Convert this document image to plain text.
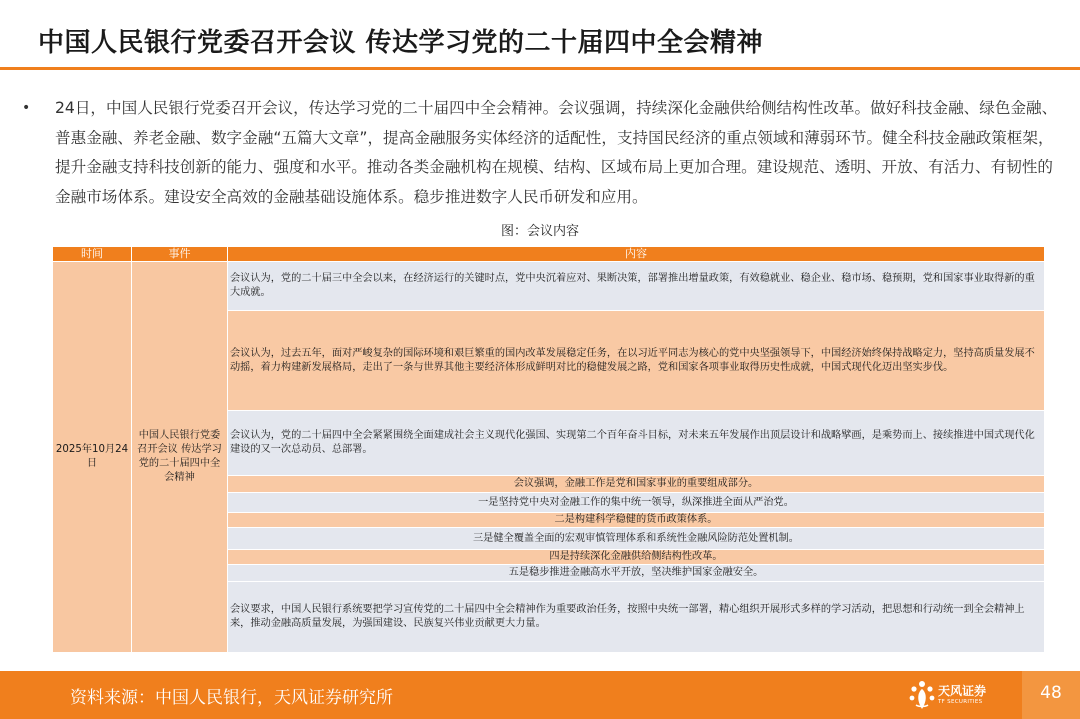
中国人民银行党委召开会议 传达学习党的二十届四中全会精神
• 24日，中国人民银行党委召开会议，传达学习党的二十届四中全会精神。会议强调，持续深化金融供给侧结构性改革。做好科技金融、绿色金融、普惠金融、养老金融、数字金融“五篇大文章”，提高金融服务实体经济的适配性，支持国民经济的重点领域和薄弱环节。健全科技金融政策框架，提升金融支持科技创新的能力、强度和水平。推动各类金融机构在规模、结构、区域布局上更加合理。建设规范、透明、开放、有活力、有韧性的金融市场体系。建设安全高效的金融基础设施体系。稳步推进数字人民币研发和应用。
图：会议内容
时间	事件	内容
2025年10月24日	中国人民银行党委召开会议 传达学习党的二十届四中全会精神	会议认为，党的二十届三中全会以来，在经济运行的关键时点，党中央沉着应对、果断决策，部署推出增量政策，有效稳就业、稳企业、稳市场、稳预期，党和国家事业取得新的重大成就。
		会议认为，过去五年，面对严峻复杂的国际环境和艰巨繁重的国内改革发展稳定任务，在以习近平同志为核心的党中央坚强领导下，中国经济始终保持战略定力，坚持高质量发展不动摇，着力构建新发展格局，走出了一条与世界其他主要经济体形成鲜明对比的稳健发展之路，党和国家各项事业取得历史性成就，中国式现代化迈出坚实步伐。
		会议认为，党的二十届四中全会紧紧围绕全面建成社会主义现代化强国、实现第二个百年奋斗目标，对未来五年发展作出顶层设计和战略擘画，是乘势而上、接续推进中国式现代化建设的又一次总动员、总部署。
		会议强调，金融工作是党和国家事业的重要组成部分。
		一是坚持党中央对金融工作的集中统一领导，纵深推进全面从严治党。
		二是构建科学稳健的货币政策体系。
		三是健全覆盖全面的宏观审慎管理体系和系统性金融风险防范处置机制。
		四是持续深化金融供给侧结构性改革。
		五是稳步推进金融高水平开放，坚决维护国家金融安全。
		会议要求，中国人民银行系统要把学习宣传党的二十届四中全会精神作为重要政治任务，按照中央统一部署，精心组织开展形式多样的学习活动，把思想和行动统一到全会精神上来，推动金融高质量发展，为强国建设、民族复兴伟业贡献更大力量。
资料来源：中国人民银行，天风证券研究所	天风证券
TF SECURITIES	48
